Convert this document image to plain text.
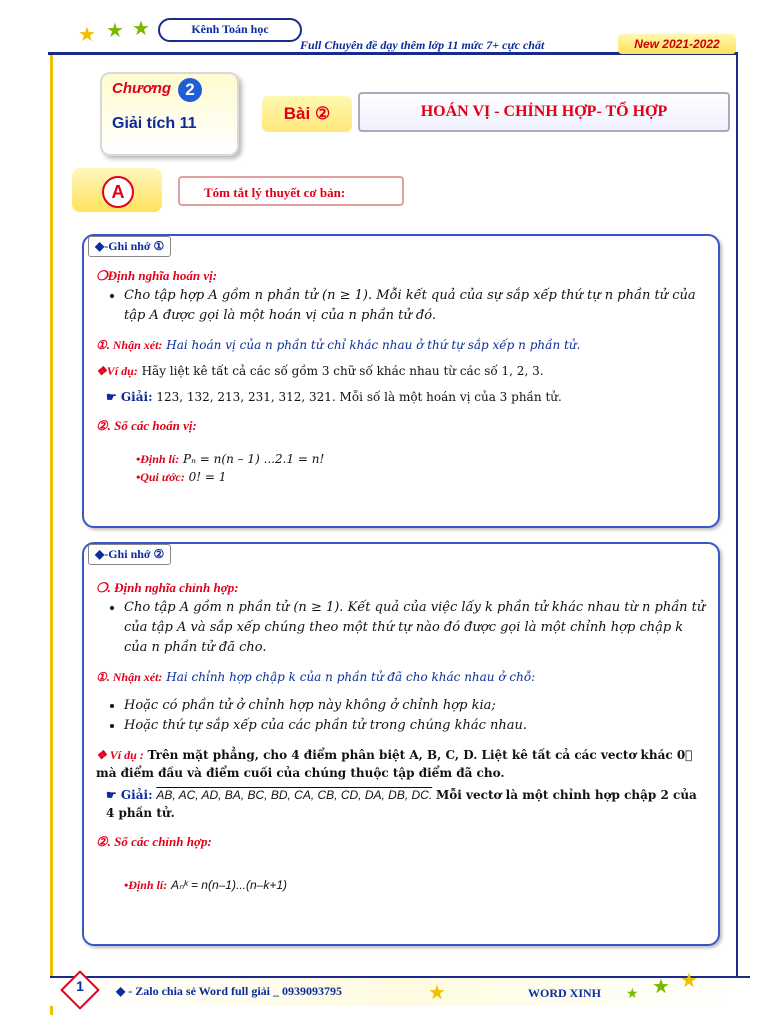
★ ★ ★	Kênh Toán học
Full Chuyên đề dạy thêm lớp 11 mức 7+ cực chất	New 2021-2022
Chương 2
Giải tích 11
Bài ②	HOÁN VỊ - CHỈNH HỢP- TỔ HỢP
A	Tóm tắt lý thuyết cơ bản:
◆-Ghi nhớ ①
❍Định nghĩa hoán vị:
• Cho tập hợp A gồm n phần tử (n ≥ 1). Mỗi kết quả của sự sắp xếp thứ tự n phần tử của tập A được gọi là một hoán vị của n phần tử đó.
①. Nhận xét: Hai hoán vị của n phần tử chỉ khác nhau ở thứ tự sắp xếp n phần tử.
❖Ví dụ: Hãy liệt kê tất cả các số gồm 3 chữ số khác nhau từ các số 1, 2, 3.
☛ Giải: 123, 132, 213, 231, 312, 321. Mỗi số là một hoán vị của 3 phần tử.
②. Số các hoán vị:
•Định lí: Pₙ = n(n – 1) ...2.1 = n!
•Qui ước: 0! = 1
◆-Ghi nhớ ②
❍. Định nghĩa chỉnh hợp:
• Cho tập A gồm n phần tử (n ≥ 1). Kết quả của việc lấy k phần tử khác nhau từ n phần tử của tập A và sắp xếp chúng theo một thứ tự nào đó được gọi là một chỉnh hợp chập k của n phần tử đã cho.
①. Nhận xét: Hai chỉnh hợp chập k của n phần tử đã cho khác nhau ở chỗ:
• Hoặc có phần tử ở chỉnh hợp này không ở chỉnh hợp kia;
• Hoặc thứ tự sắp xếp của các phần tử trong chúng khác nhau.
❖ Ví dụ : Trên mặt phẳng, cho 4 điểm phân biệt A, B, C, D. Liệt kê tất cả các vectơ khác 0⃗ mà điểm đầu và điểm cuối của chúng thuộc tập điểm đã cho.
☛ Giải: AB, AC, AD, BA, BC, BD, CA, CB, CD, DA, DB, DC. Mỗi vectơ là một chỉnh hợp chập 2 của 4 phần tử.
②. Số các chỉnh hợp:
•Định lí: Aₙᵏ = n(n–1)...(n–k+1)
1	◆ - Zalo chia sẻ Word full giải _ 0939093795	WORD XINH
★	★ ★ ★
